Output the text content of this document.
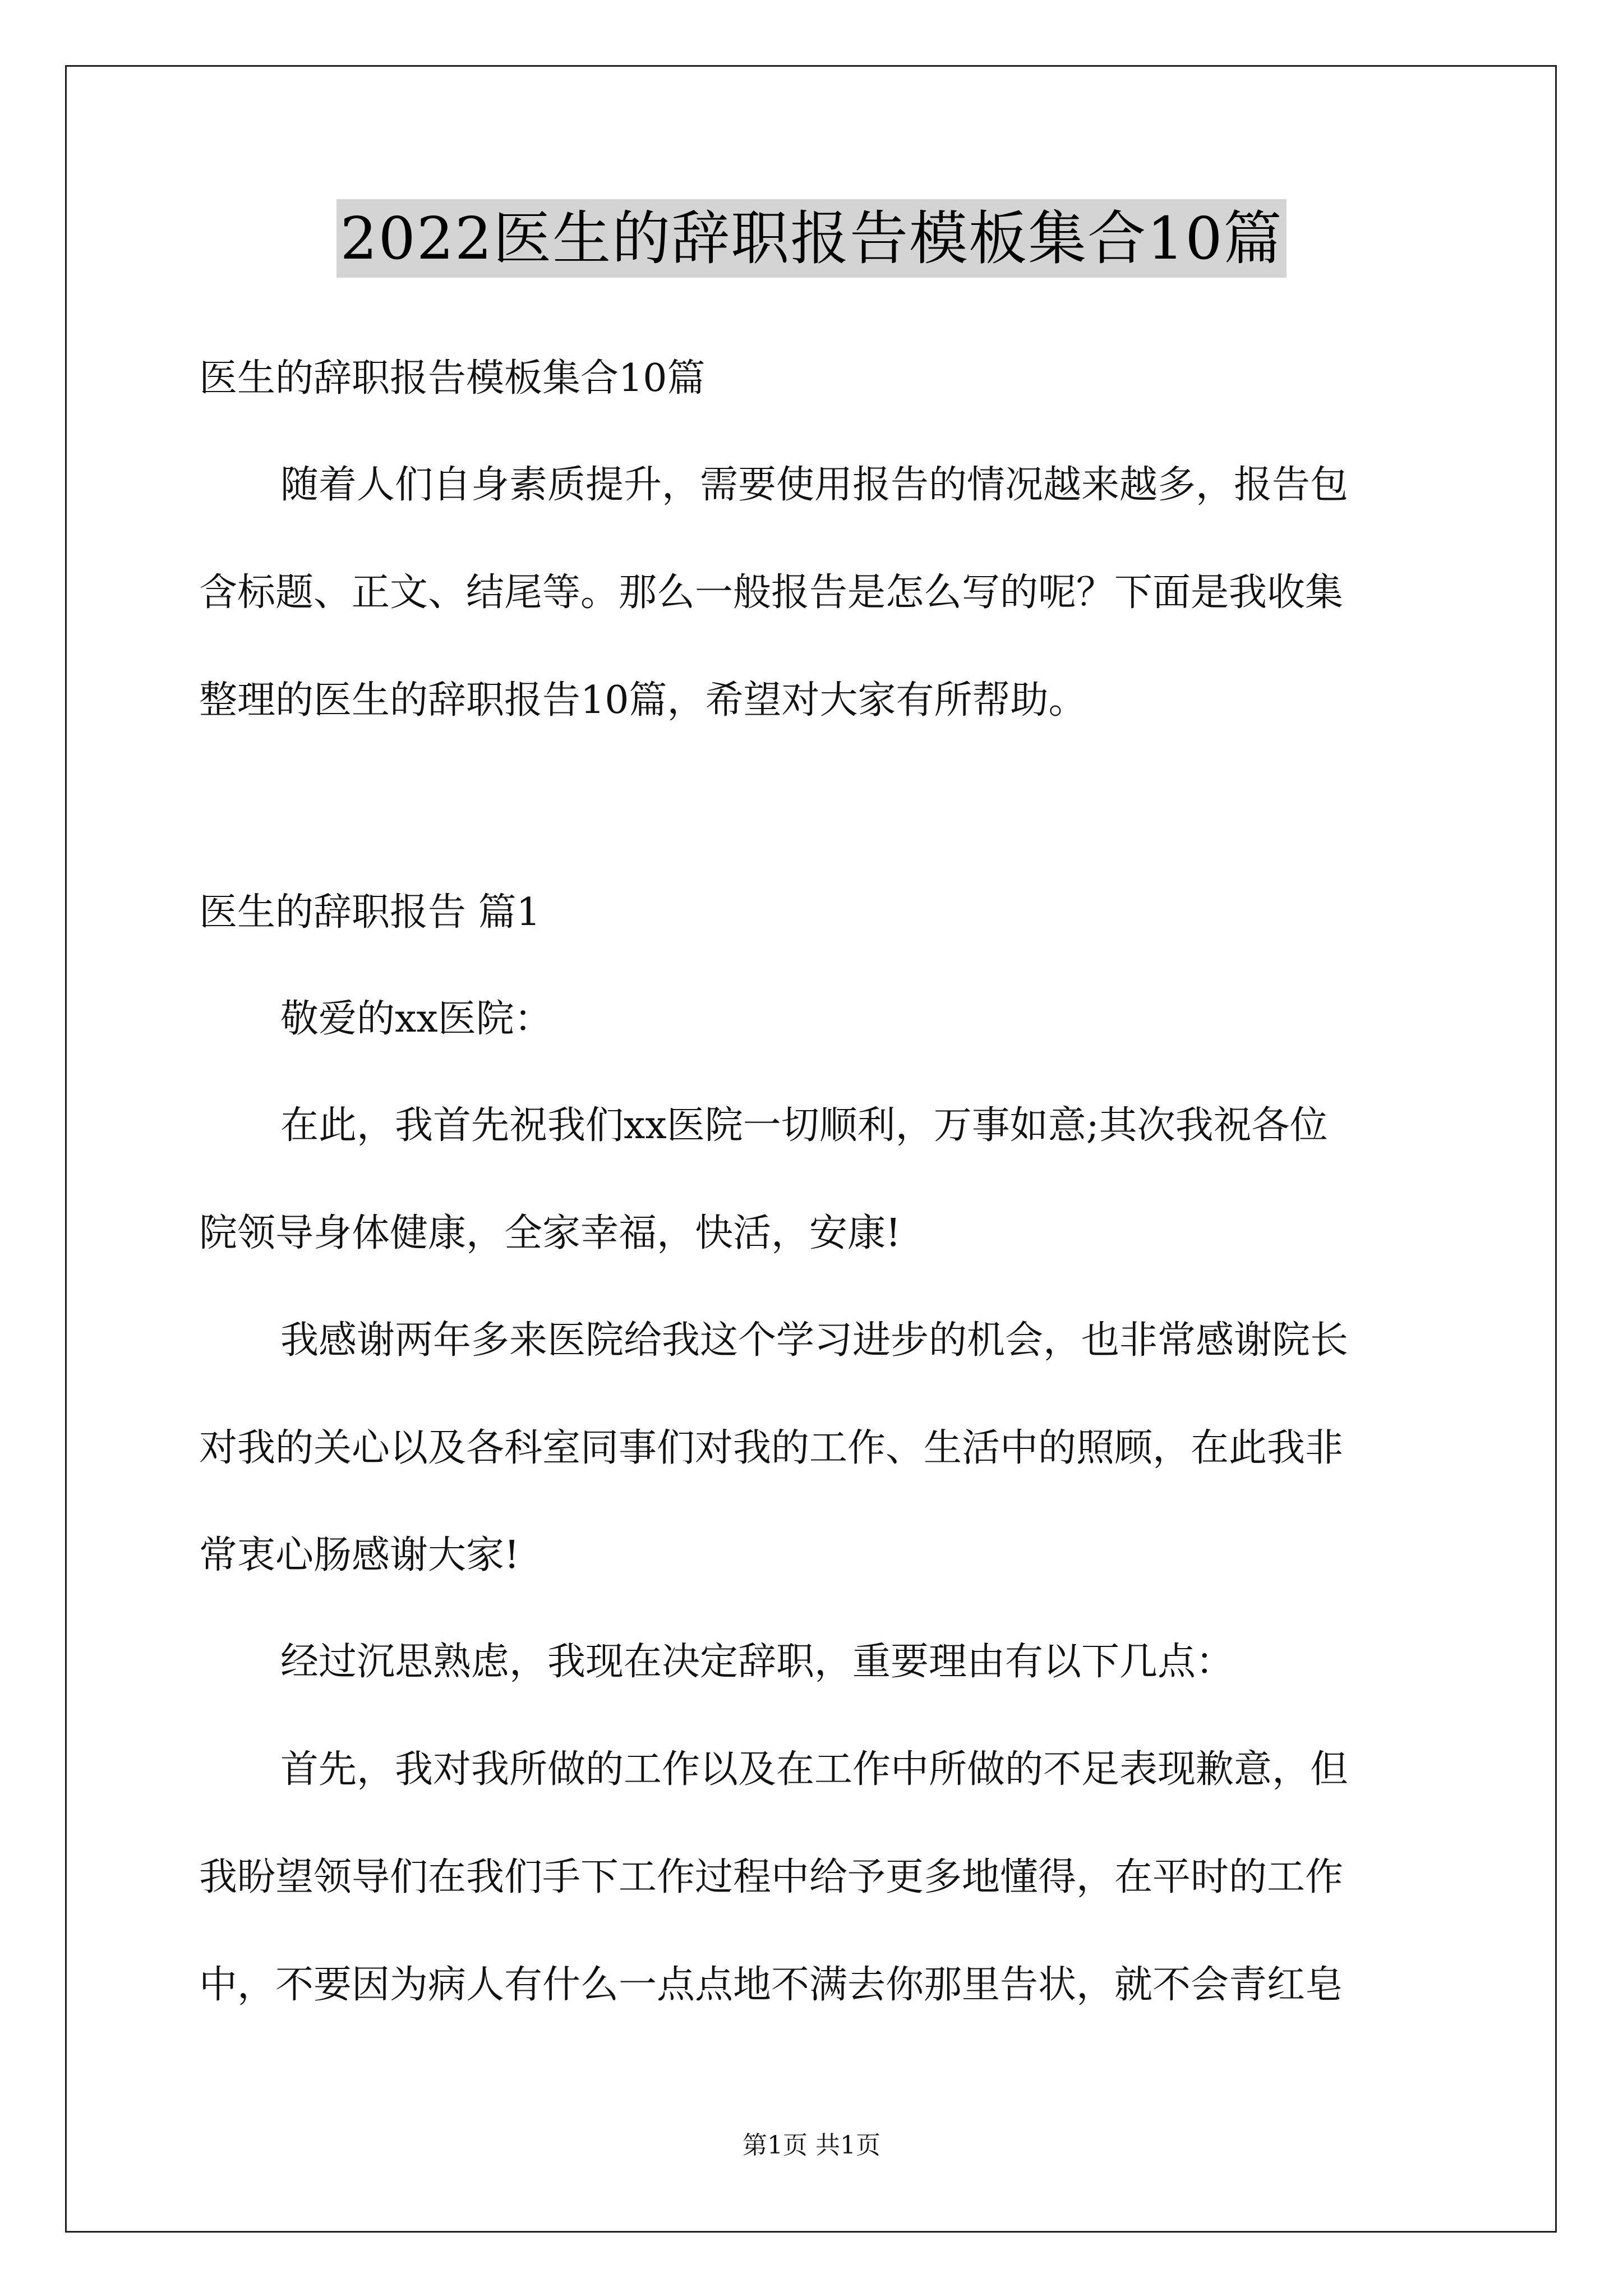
2022医生的辞职报告模板集合10篇
医生的辞职报告模板集合10篇
随着人们自身素质提升，需要使用报告的情况越来越多，报告包
含标题、正文、结尾等。那么一般报告是怎么写的呢？下面是我收集
整理的医生的辞职报告10篇，希望对大家有所帮助。
医生的辞职报告 篇1
敬爱的xx医院：
在此，我首先祝我们xx医院一切顺利，万事如意;其次我祝各位
院领导身体健康，全家幸福，快活，安康!
我感谢两年多来医院给我这个学习进步的机会，也非常感谢院长
对我的关心以及各科室同事们对我的工作、生活中的照顾，在此我非
常衷心肠感谢大家!
经过沉思熟虑，我现在决定辞职，重要理由有以下几点：
首先，我对我所做的工作以及在工作中所做的不足表现歉意，但
我盼望领导们在我们手下工作过程中给予更多地懂得，在平时的工作
中，不要因为病人有什么一点点地不满去你那里告状，就不会青红皂
第1页 共1页
